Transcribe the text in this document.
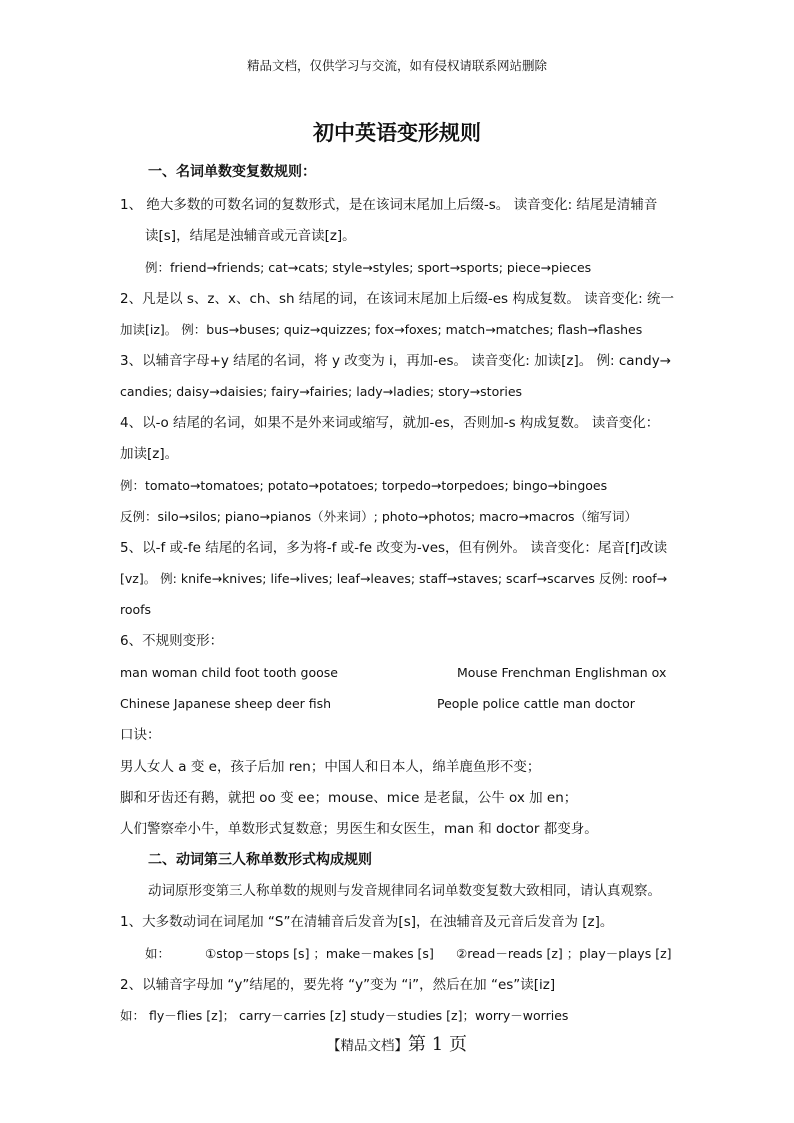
精品文档，仅供学习与交流，如有侵权请联系网站删除
初中英语变形规则
一、名词单数变复数规则：
1、 绝大多数的可数名词的复数形式，是在该词末尾加上后缀-s。 读音变化: 结尾是清辅音
读[s]，结尾是浊辅音或元音读[z]。
例：friend→friends; cat→cats; style→styles; sport→sports; piece→pieces
2、凡是以 s、z、x、ch、sh 结尾的词，在该词末尾加上后缀-es 构成复数。 读音变化: 统一
加读[iz]。 例：bus→buses; quiz→quizzes; fox→foxes; match→matches; flash→flashes
3、以辅音字母+y 结尾的名词，将 y 改变为 i，再加-es。 读音变化: 加读[z]。 例: candy→
candies; daisy→daisies; fairy→fairies; lady→ladies; story→stories
4、以-o 结尾的名词，如果不是外来词或缩写，就加-es，否则加-s 构成复数。 读音变化：
加读[z]。
例：tomato→tomatoes; potato→potatoes; torpedo→torpedoes; bingo→bingoes
反例：silo→silos; piano→pianos（外来词）; photo→photos; macro→macros（缩写词）
5、以-f 或-fe 结尾的名词，多为将-f 或-fe 改变为-ves，但有例外。 读音变化：尾音[f]改读
[vz]。 例: knife→knives; life→lives; leaf→leaves; staff→staves; scarf→scarves 反例: roof→
roofs
6、不规则变形：
man woman child foot tooth goose	Mouse Frenchman Englishman ox
Chinese Japanese sheep deer fish	People police cattle man doctor
口诀：
男人女人 a 变 e，孩子后加 ren；中国人和日本人，绵羊鹿鱼形不变；
脚和牙齿还有鹅，就把 oo 变 ee；mouse、mice 是老鼠，公牛 ox 加 en；
人们警察牵小牛，单数形式复数意；男医生和女医生，man 和 doctor 都变身。
二、动词第三人称单数形式构成规则
动词原形变第三人称单数的规则与发音规律同名词单数变复数大致相同，请认真观察。
1、大多数动词在词尾加 “S”在清辅音后发音为[s]，在浊辅音及元音后发音为 [z]。
如：	①stop－stops [s] ；make－makes [s] ②read－reads [z] ；play－plays [z]
2、以辅音字母加 “y”结尾的，要先将 “y”变为 “i”，然后在加 “es”读[iz]
如： fly－flies [z]； carry－carries [z] study－studies [z]；worry－worries
【精品文档】第 1 页
